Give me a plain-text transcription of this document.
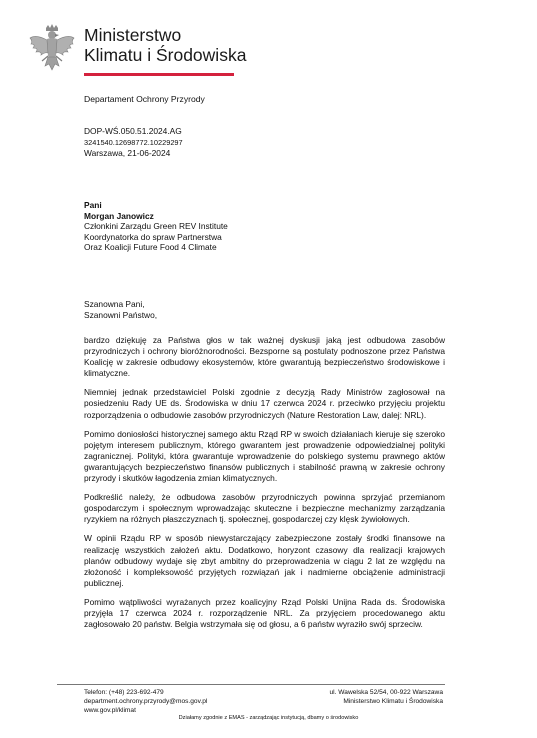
Ministerstwo
Klimatu i Środowiska
Departament Ochrony Przyrody
DOP-WŚ.050.51.2024.AG
3241540.12698772.10229297
Warszawa, 21-06-2024
Pani
Morgan Janowicz
Członkini Zarządu Green REV Institute
Koordynatorka do spraw Partnerstwa
Oraz Koalicji Future Food 4 Climate
Szanowna Pani,
Szanowni Państwo,

bardzo dziękuję za Państwa głos w tak ważnej dyskusji jaką jest odbudowa zasobów przyrodniczych i ochrony bioróżnorodności. Bezsporne są postulaty podnoszone przez Państwa Koalicję w zakresie odbudowy ekosystemów, które gwarantują bezpieczeństwo środowiskowe i klimatyczne.

Niemniej jednak przedstawiciel Polski zgodnie z decyzją Rady Ministrów zagłosował na posiedzeniu Rady UE ds. Środowiska w dniu 17 czerwca 2024 r. przeciwko przyjęciu projektu rozporządzenia o odbudowie zasobów przyrodniczych (Nature Restoration Law, dalej: NRL).

Pomimo doniosłości historycznej samego aktu Rząd RP w swoich działaniach kieruje się szeroko pojętym interesem publicznym, którego gwarantem jest prowadzenie odpowiedzialnej polityki zagranicznej. Polityki, która gwarantuje wprowadzenie do polskiego systemu prawnego aktów gwarantujących bezpieczeństwo finansów publicznych i stabilność prawną w zakresie ochrony przyrody i skutków łagodzenia zmian klimatycznych.

Podkreślić należy, że odbudowa zasobów przyrodniczych powinna sprzyjać przemianom gospodarczym i społecznym wprowadzając skuteczne i bezpieczne mechanizmy zarządzania ryzykiem na różnych płaszczyznach tj. społecznej, gospodarczej czy klęsk żywiołowych.

W opinii Rządu RP w sposób niewystarczający zabezpieczone zostały środki finansowe na realizację wszystkich założeń aktu. Dodatkowo, horyzont czasowy dla realizacji krajowych planów odbudowy wydaje się zbyt ambitny do przeprowadzenia w ciągu 2 lat ze względu na złożoność i kompleksowość przyjętych rozwiązań jak i nadmierne obciążenie administracji publicznej.

Pomimo wątpliwości wyrażanych przez koalicyjny Rząd Polski Unijna Rada ds. Środowiska przyjęła 17 czerwca 2024 r. rozporządzenie NRL. Za przyjęciem procedowanego aktu zagłosowało 20 państw. Belgia wstrzymała się od głosu, a 6 państw wyraziło swój sprzeciw.

Telefon: (+48) 223-692-479
department.ochrony.przyrody@mos.gov.pl
www.gov.pl/klimat
ul. Wawelska 52/54, 00-922 Warszawa
Ministerstwo Klimatu i Środowiska
Działamy zgodnie z EMAS - zarządzając instytucją, dbamy o środowisko
